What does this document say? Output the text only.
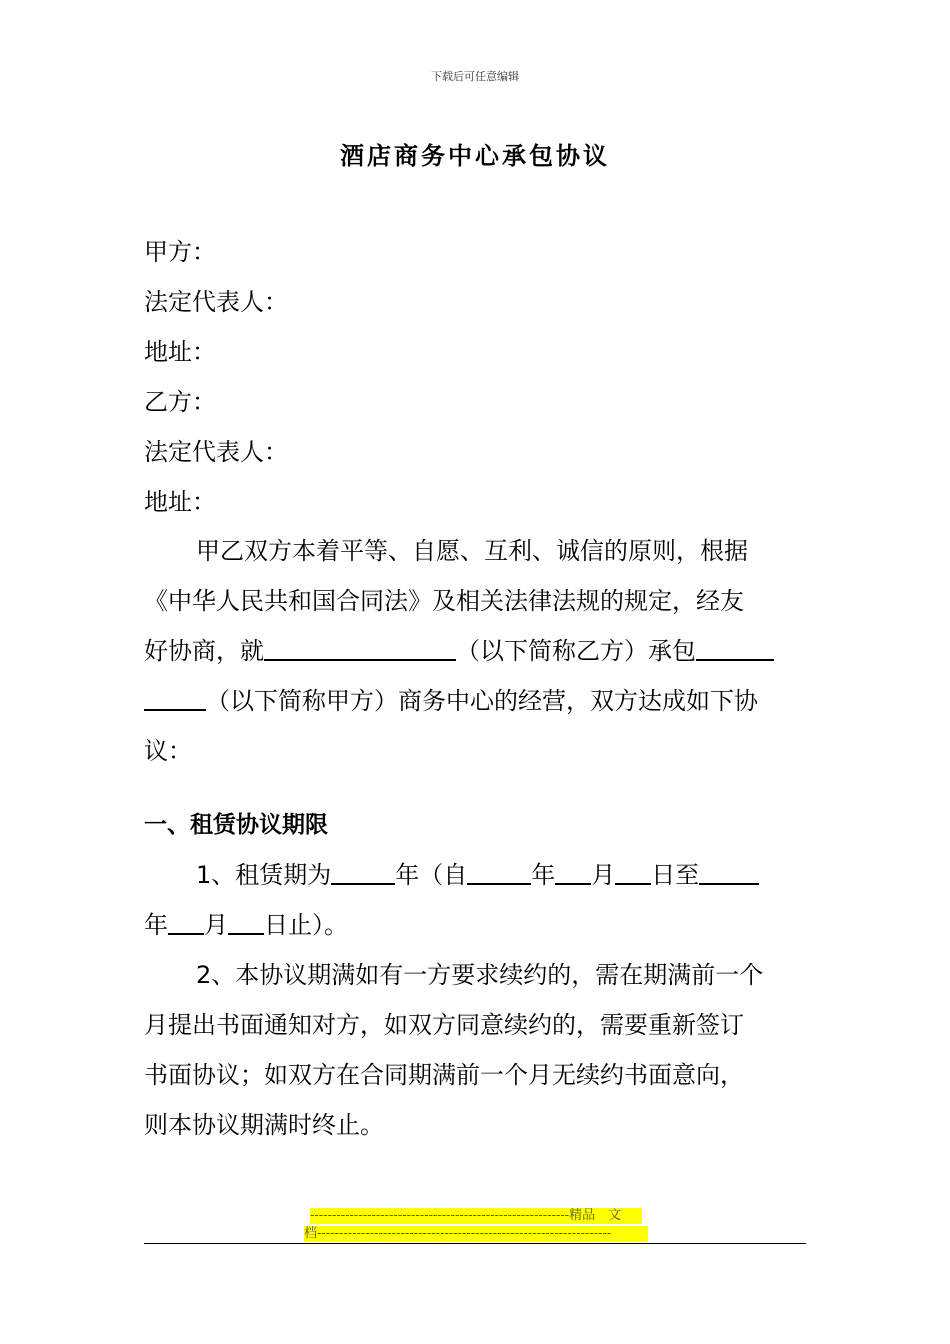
下载后可任意编辑
酒店商务中心承包协议
甲方：
法定代表人：
地址：
乙方：
法定代表人：
地址：
甲乙双方本着平等、自愿、互利、诚信的原则，根据
《中华人民共和国合同法》及相关法律法规的规定，经友
好协商，就	（以下简称乙方）承包
（以下简称甲方）商务中心的经营，双方达成如下协
议：
一、租赁协议期限
1、租赁期为	年（自	年 月 日至
年 月 日止）。
2、本协议期满如有一方要求续约的，需在期满前一个
月提出书面通知对方，如双方同意续约的，需要重新签订
书面协议；如双方在合同期满前一个月无续约书面意向，
则本协议期满时终止。
-----------------------------------------------------------精品　文
档-------------------------------------------------------------------
